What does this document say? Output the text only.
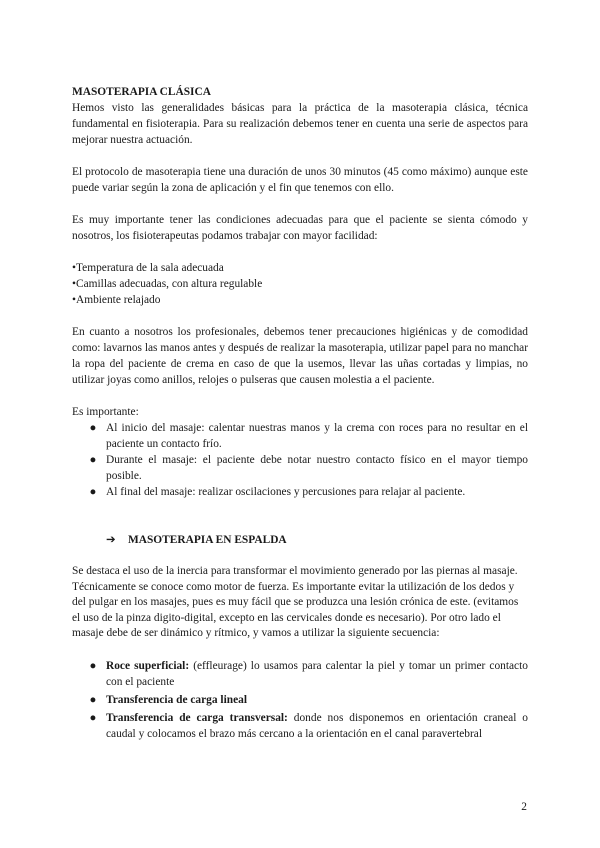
MASOTERAPIA CLÁSICA

Hemos visto las generalidades básicas para la práctica de la masoterapia clásica, técnica fundamental en fisioterapia. Para su realización debemos tener en cuenta una serie de aspectos para mejorar nuestra actuación.

El protocolo de masoterapia tiene una duración de unos 30 minutos (45 como máximo) aunque este puede variar según la zona de aplicación y el fin que tenemos con ello.

Es muy importante tener las condiciones adecuadas para que el paciente se sienta cómodo y nosotros, los fisioterapeutas podamos trabajar con mayor facilidad:

•Temperatura de la sala adecuada
•Camillas adecuadas, con altura regulable
•Ambiente relajado

En cuanto a nosotros los profesionales, debemos tener precauciones higiénicas y de comodidad como: lavarnos las manos antes y después de realizar la masoterapia, utilizar papel para no manchar la ropa del paciente de crema en caso de que la usemos, llevar las uñas cortadas y limpias, no utilizar joyas como anillos, relojes o pulseras que causen molestia a el paciente.

Es importante:

● Al inicio del masaje: calentar nuestras manos y la crema con roces para no resultar en el paciente un contacto frío.
● Durante el masaje: el paciente debe notar nuestro contacto físico en el mayor tiempo posible.
● Al final del masaje: realizar oscilaciones y percusiones para relajar al paciente.

➔ MASOTERAPIA EN ESPALDA

Se destaca el uso de la inercia para transformar el movimiento generado por las piernas al masaje. Técnicamente se conoce como motor de fuerza. Es importante evitar la utilización de los dedos y del pulgar en los masajes, pues es muy fácil que se produzca una lesión crónica de este. (evitamos el uso de la pinza digito-digital, excepto en las cervicales donde es necesario). Por otro lado el masaje debe de ser dinámico y rítmico, y vamos a utilizar la siguiente secuencia:

● Roce superficial: (effleurage) lo usamos para calentar la piel y tomar un primer contacto con el paciente
● Transferencia de carga lineal
● Transferencia de carga transversal: donde nos disponemos en orientación craneal o caudal y colocamos el brazo más cercano a la orientación en el canal paravertebral
2
